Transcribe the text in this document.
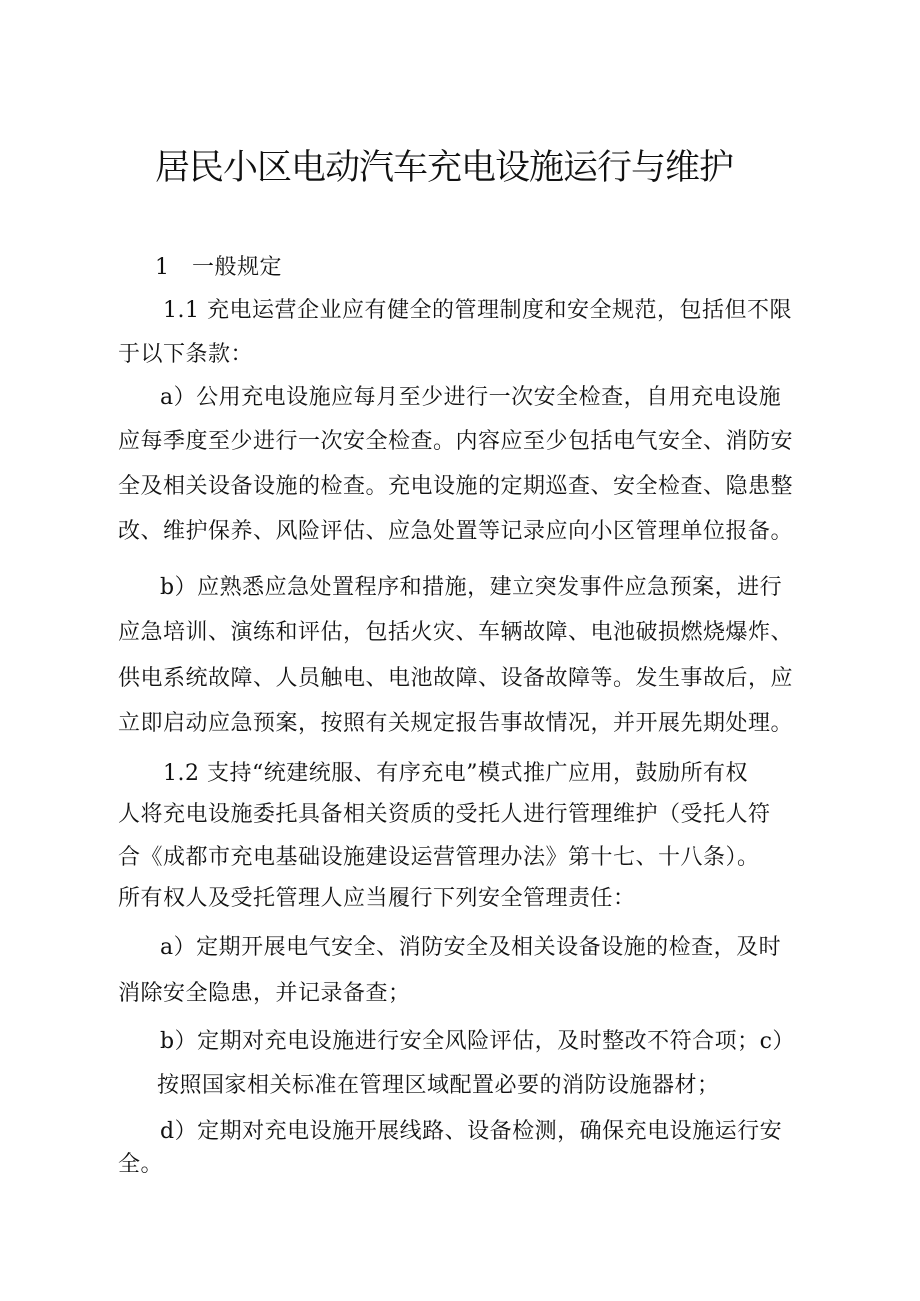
居民小区电动汽车充电设施运行与维护
1　一般规定
1.1 充电运营企业应有健全的管理制度和安全规范，包括但不限
于以下条款：
a）公用充电设施应每月至少进行一次安全检查，自用充电设施
应每季度至少进行一次安全检查。内容应至少包括电气安全、消防安
全及相关设备设施的检查。充电设施的定期巡查、安全检查、隐患整
改、维护保养、风险评估、应急处置等记录应向小区管理单位报备。
b）应熟悉应急处置程序和措施，建立突发事件应急预案，进行
应急培训、演练和评估，包括火灾、车辆故障、电池破损燃烧爆炸、
供电系统故障、人员触电、电池故障、设备故障等。发生事故后，应
立即启动应急预案，按照有关规定报告事故情况，并开展先期处理。
1.2 支持“统建统服、有序充电”模式推广应用，鼓励所有权
人将充电设施委托具备相关资质的受托人进行管理维护（受托人符
合《成都市充电基础设施建设运营管理办法》第十七、十八条）。
所有权人及受托管理人应当履行下列安全管理责任：
a）定期开展电气安全、消防安全及相关设备设施的检查，及时
消除安全隐患，并记录备查；
b）定期对充电设施进行安全风险评估，及时整改不符合项；c）
按照国家相关标准在管理区域配置必要的消防设施器材；
d）定期对充电设施开展线路、设备检测，确保充电设施运行安
全。
